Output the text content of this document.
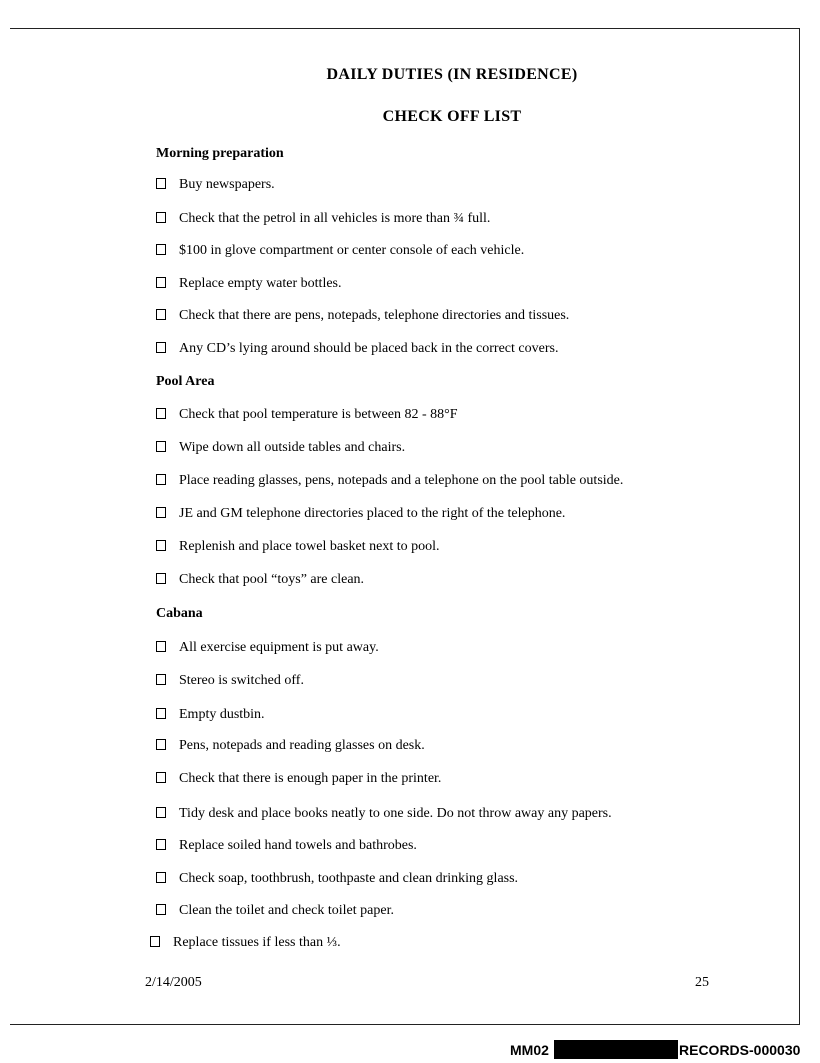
DAILY DUTIES (IN RESIDENCE)
CHECK OFF LIST
Morning preparation
Buy newspapers.
Check that the petrol in all vehicles is more than ¾ full.
$100 in glove compartment or center console of each vehicle.
Replace empty water bottles.
Check that there are pens, notepads, telephone directories and tissues.
Any CD’s lying around should be placed back in the correct covers.
Pool Area
Check that pool temperature is between 82 - 88°F
Wipe down all outside tables and chairs.
Place reading glasses, pens, notepads and a telephone on the pool table outside.
JE and GM telephone directories placed to the right of the telephone.
Replenish and place towel basket next to pool.
Check that pool “toys” are clean.
Cabana
All exercise equipment is put away.
Stereo is switched off.
Empty dustbin.
Pens, notepads and reading glasses on desk.
Check that there is enough paper in the printer.
Tidy desk and place books neatly to one side. Do not throw away any papers.
Replace soiled hand towels and bathrobes.
Check soap, toothbrush, toothpaste and clean drinking glass.
Clean the toilet and check toilet paper.
Replace tissues if less than ⅓.
2/14/2005	25
MM02	RECORDS-000030
